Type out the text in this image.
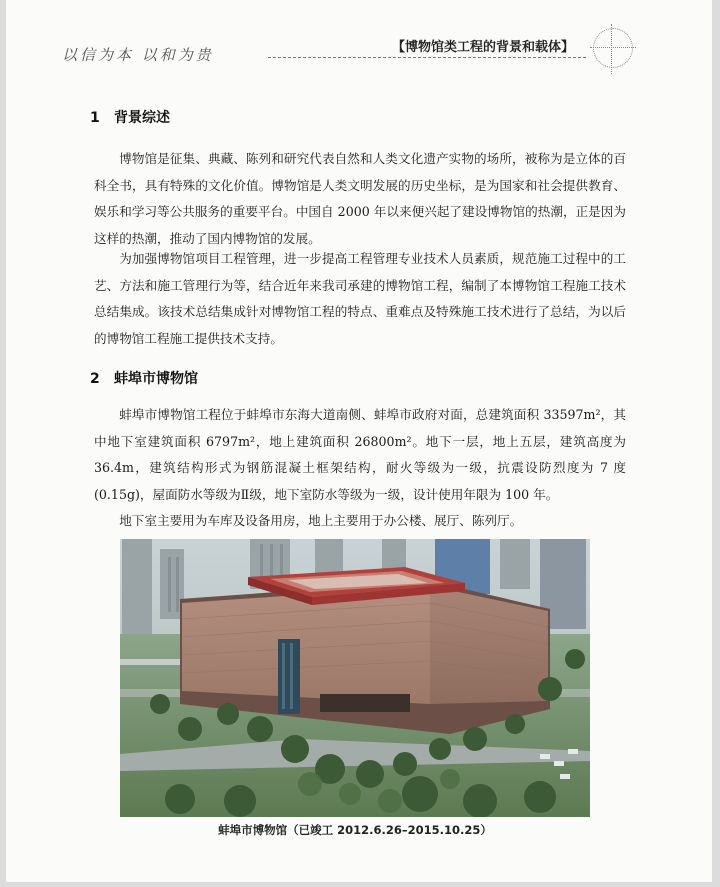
以信为本 以和为贵	【博物馆类工程的背景和载体】
1 背景综述

博物馆是征集、典藏、陈列和研究代表自然和人类文化遗产实物的场所，被称为是立体的百科全书，具有特殊的文化价值。博物馆是人类文明发展的历史坐标，是为国家和社会提供教育、娱乐和学习等公共服务的重要平台。中国自 2000 年以来便兴起了建设博物馆的热潮，正是因为这样的热潮，推动了国内博物馆的发展。

为加强博物馆项目工程管理，进一步提高工程管理专业技术人员素质，规范施工过程中的工艺、方法和施工管理行为等，结合近年来我司承建的博物馆工程，编制了本博物馆工程施工技术总结集成。该技术总结集成针对博物馆工程的特点、重难点及特殊施工技术进行了总结，为以后的博物馆工程施工提供技术支持。

2 蚌埠市博物馆

蚌埠市博物馆工程位于蚌埠市东海大道南侧、蚌埠市政府对面，总建筑面积 33597m²，其中地下室建筑面积 6797m²，地上建筑面积 26800m²。地下一层，地上五层，建筑高度为 36.4m，建筑结构形式为钢筋混凝土框架结构，耐火等级为一级，抗震设防烈度为 7 度(0.15g)，屋面防水等级为Ⅱ级，地下室防水等级为一级，设计使用年限为 100 年。

地下室主要用为车库及设备用房，地上主要用于办公楼、展厅、陈列厅。

蚌埠市博物馆（已竣工 2012.6.26–2015.10.25）
